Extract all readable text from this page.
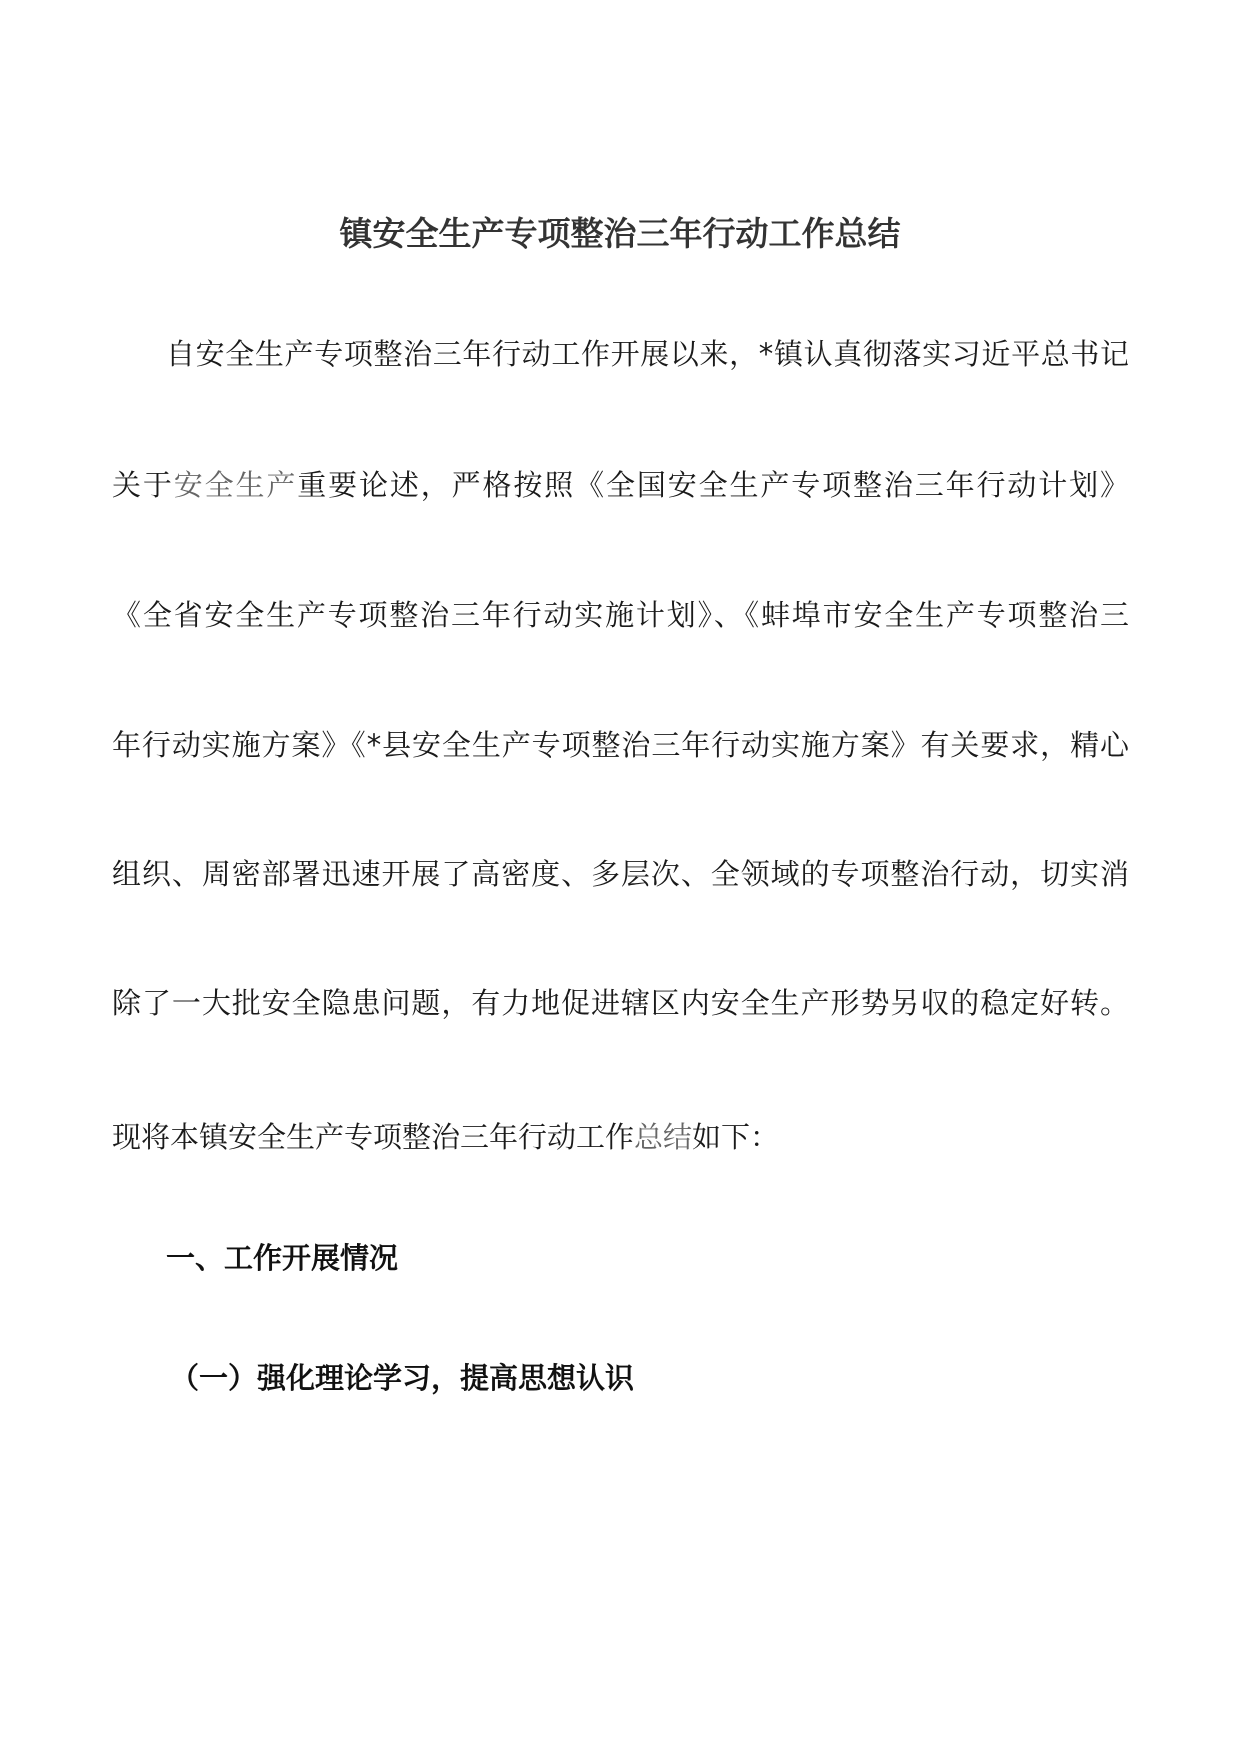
镇安全生产专项整治三年行动工作总结
自安全生产专项整治三年行动工作开展以来，*镇认真彻落实习近平总书记
关于安全生产重要论述，严格按照《全国安全生产专项整治三年行动计划》
《全省安全生产专项整治三年行动实施计划》、《蚌埠市安全生产专项整治三
年行动实施方案》《*县安全生产专项整治三年行动实施方案》有关要求，精心
组织、周密部署迅速开展了高密度、多层次、全领域的专项整治行动，切实消
除了一大批安全隐患问题，有力地促进辖区内安全生产形势另収的稳定好转。
现将本镇安全生产专项整治三年行动工作总结如下：
一、工作开展情况
（一）强化理论学习，提高思想认识
